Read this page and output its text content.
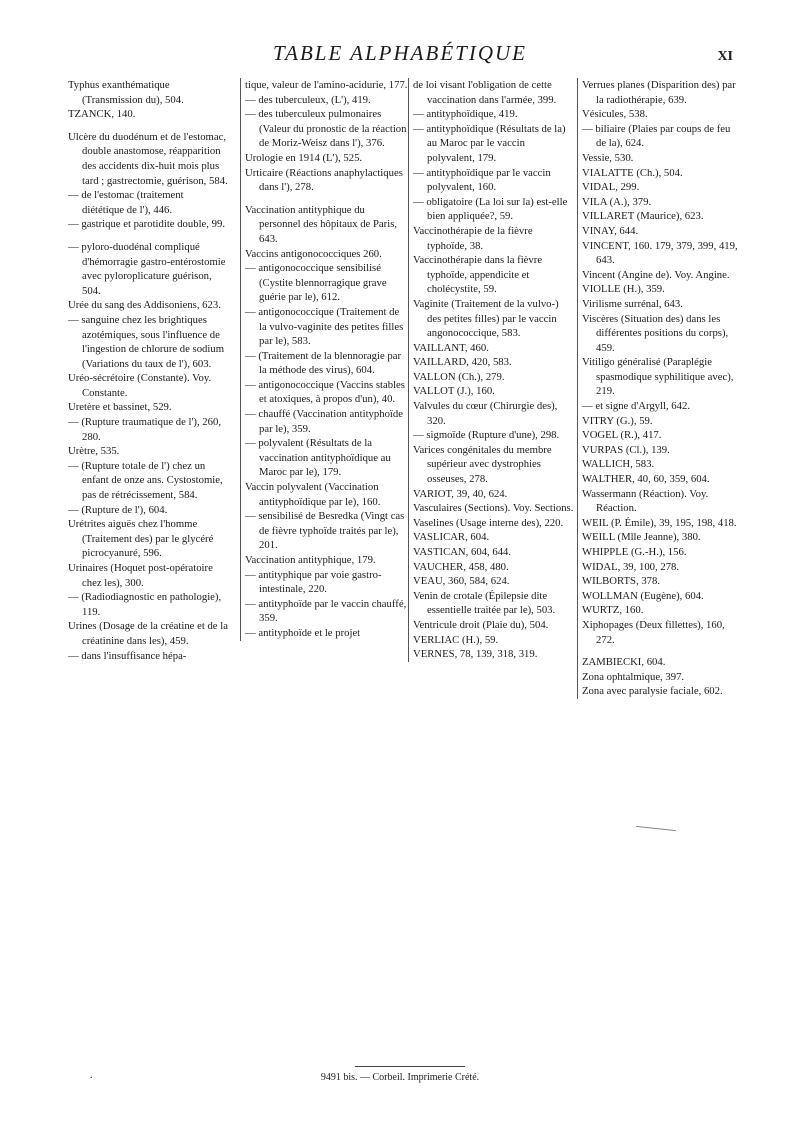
TABLE ALPHABÉTIQUE	XI

Typhus exanthématique (Transmission du), 504.

TZANCK, 140.

Ulcère du duodénum et de l'estomac, double anastomose, réapparition des accidents dix-huit mois plus tard ; gastrectomie, guérison, 584.

— de l'estomac (traitement diététique de l'), 446.

— gastrique et parotidite double, 99.

— pyloro-duodénal compliqué d'hémorragie gastro-entérostomie avec pyloroplicature guérison, 504.

Urée du sang des Addisoniens, 623.

— sanguine chez les brightiques azotémiques, sous l'influence de l'ingestion de chlorure de sodium (Variations du taux de l'), 603.

Uréo-sécrétoire (Constante). Voy. Constante.

Uretère et bassinet, 529.

— (Rupture traumatique de l'), 260, 280.

Urètre, 535.

— (Rupture totale de l') chez un enfant de onze ans. Cystostomie, pas de rétrécissement, 584.

— (Rupture de l'), 604.

Urétrites aiguës chez l'homme (Traitement des) par le glycéré picrocyanuré, 596.

Urinaires (Hoquet post-opératoire chez les), 300.

— (Radiodiagnostic en pathologie), 119.

Urines (Dosage de la créatine et de la créatinine dans les), 459.

— dans l'insuffisance hépa-

tique, valeur de l'amino-acidurie, 177.

— des tuberculeux, (L'), 419.

— des tuberculeux pulmonaires (Valeur du pronostic de la réaction de Moriz-Weisz dans l'), 376.

Urologie en 1914 (L'), 525.

Urticaire (Réactions anaphylactiques dans l'), 278.

Vaccination antityphique du personnel des hôpitaux de Paris, 643.

Vaccins antigonococciques 260.

— antigonococcique sensibilisé (Cystite blennorragique grave guérie par le), 612.

— antigonococcique (Traitement de la vulvo-vaginite des petites filles par le), 583.

— (Traitement de la blennoragie par la méthode des virus), 604.

— antigonococcique (Vaccins stables et atoxiques, à propos d'un), 40.

— chauffé (Vaccination antityphoïde par le), 359.

— polyvalent (Résultats de la vaccination antityphoïdique au Maroc par le), 179.

Vaccin polyvalent (Vaccination antityphoïdique par le), 160.

— sensibilisé de Besredka (Vingt cas de fièvre typhoïde traités par le), 201.

Vaccination antityphique, 179.

— antityphique par voie gastro-intestinale, 220.

— antityphoïde par le vaccin chauffé, 359.

— antityphoïde et le projet

de loi visant l'obligation de cette vaccination dans l'armée, 399.

— antityphoïdique, 419.

— antityphoïdique (Résultats de la) au Maroc par le vaccin polyvalent, 179.

— antityphoïdique par le vaccin polyvalent, 160.

— obligatoire (La loi sur la) est-elle bien appliquée?, 59.

Vaccinothérapie de la fièvre typhoïde, 38.

Vaccinothérapie dans la fièvre typhoïde, appendicite et cholécystite, 59.

Vaginite (Traitement de la vulvo-) des petites filles) par le vaccin angonococcique, 583.

VAILLANT, 460.

VAILLARD, 420, 583.

VALLON (Ch.), 279.

VALLOT (J.), 160.

Valvules du cœur (Chirurgie des), 320.

— sigmoïde (Rupture d'une), 298.

Varices congénitales du membre supérieur avec dystrophies osseuses, 278.

VARIOT, 39, 40, 624.

Vasculaires (Sections). Voy. Sections.

Vaselines (Usage interne des), 220.

VASLICAR, 604.

VASTICAN, 604, 644.

VAUCHER, 458, 480.

VEAU, 360, 584, 624.

Venin de crotale (Épilepsie dite essentielle traitée par le), 503.

Ventricule droit (Plaie du), 504.

VERLIAC (H.), 59.

VERNES, 78, 139, 318, 319.

Verrues planes (Disparition des) par la radiothérapie, 639.

Vésicules, 538.

— biliaire (Plaies par coups de feu de la), 624.

Vessie, 530.

VIALATTE (Ch.), 504.

VIDAL, 299.

VILA (A.), 379.

VILLARET (Maurice), 623.

VINAY, 644.

VINCENT, 160. 179, 379, 399, 419, 643.

Vincent (Angine de). Voy. Angine.

VIOLLE (H.), 359.

Virilisme surrénal, 643.

Viscères (Situation des) dans les différentes positions du corps), 459.

Vitiligo généralisé (Paraplégie spasmodique syphilitique avec), 219.

— et signe d'Argyll, 642.

VITRY (G.), 59.

VOGEL (R.), 417.

VURPAS (Cl.), 139.

WALLICH, 583.

WALTHER, 40, 60, 359, 604.

Wassermann (Réaction). Voy. Réaction.

WEIL (P. Émile), 39, 195, 198, 418.

WEILL (Mlle Jeanne), 380.

WHIPPLE (G.-H.), 156.

WIDAL, 39, 100, 278.

WILBORTS, 378.

WOLLMAN (Eugène), 604.

WURTZ, 160.

Xiphopages (Deux fillettes), 160, 272.

ZAMBIECKI, 604.

Zona ophtalmique, 397.

Zona avec paralysie faciale, 602.

.	9491 bis. — Corbeil. Imprimerie Crété.
